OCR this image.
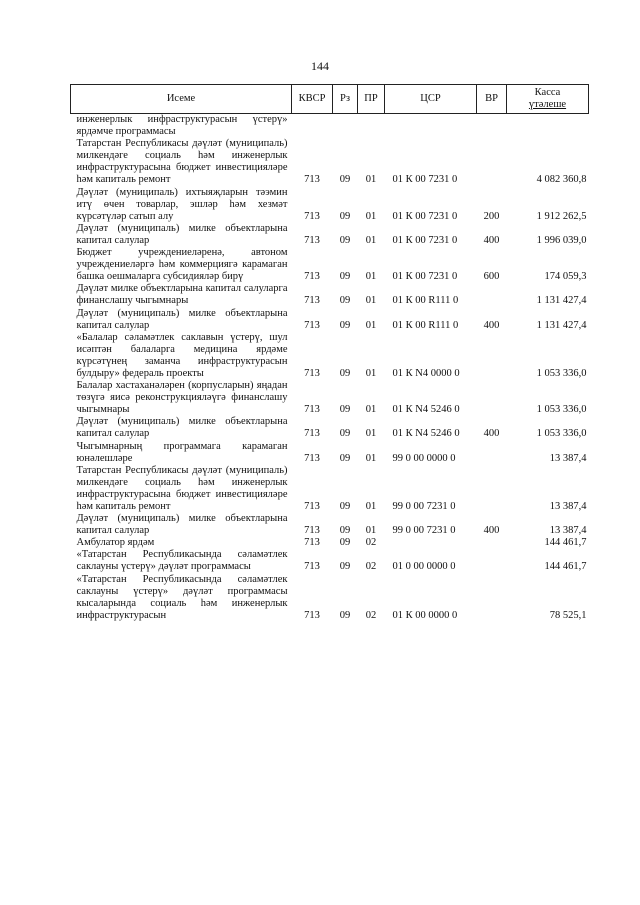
144
Исеме	КВСР	Рз	ПР	ЦСР	ВР	Касса
үтәлеше

инженерлык инфраструктурасын үстерү» ярдәмче программасы						
Татарстан Республикасы дәүләт (муниципаль) милкендәге социаль һәм инженерлык инфраструктурасына бюджет инвестицияләре һәм капиталь ремонт	713	09	01	01 К 00 7231 0		4 082 360,8
Дәүләт (муниципаль) ихтыяҗларын тәэмин итү өчен товарлар, эшләр һәм хезмәт күрсәтүләр сатып алу	713	09	01	01 К 00 7231 0	200	1 912 262,5
Дәүләт (муниципаль) милке объектларына капитал салулар	713	09	01	01 К 00 7231 0	400	1 996 039,0
Бюджет учреждениеләренә, автоном учреждениеләргә һәм коммерциягә карамаган башка оешмаларга субсидияләр бирү	713	09	01	01 К 00 7231 0	600	174 059,3
Дәүләт милке объектларына капитал салуларга финанслашу чыгымнары	713	09	01	01 К 00 R111 0		1 131 427,4
Дәүләт (муниципаль) милке объектларына капитал салулар	713	09	01	01 К 00 R111 0	400	1 131 427,4
«Балалар сәламәтлек саклавын үстерү, шул исәптән балаларга медицина ярдәме күрсәтүнең заманча инфраструктурасын булдыру» федераль проекты	713	09	01	01 К N4 0000 0		1 053 336,0
Балалар хастаханәләрен (корпусларын) яңадан төзүгә яисә реконструкцияләүгә финанслашу чыгымнары	713	09	01	01 К N4 5246 0		1 053 336,0
Дәүләт (муниципаль) милке объектларына капитал салулар	713	09	01	01 К N4 5246 0	400	1 053 336,0
Чыгымнарның программага карамаган юнәлешләре	713	09	01	99 0 00 0000 0		13 387,4
Татарстан Республикасы дәүләт (муниципаль) милкендәге социаль һәм инженерлык инфраструктурасына бюджет инвестицияләре һәм капиталь ремонт	713	09	01	99 0 00 7231 0		13 387,4
Дәүләт (муниципаль) милке объектларына капитал салулар	713	09	01	99 0 00 7231 0	400	13 387,4
Амбулатор ярдәм	713	09	02			144 461,7
«Татарстан Республикасында сәламәтлек саклауны үстерү» дәүләт программасы	713	09	02	01 0 00 0000 0		144 461,7
«Татарстан Республикасында сәламәтлек саклауны үстерү» дәүләт программасы кысаларында социаль һәм инженерлык инфраструктурасын	713	09	02	01 К 00 0000 0		78 525,1
